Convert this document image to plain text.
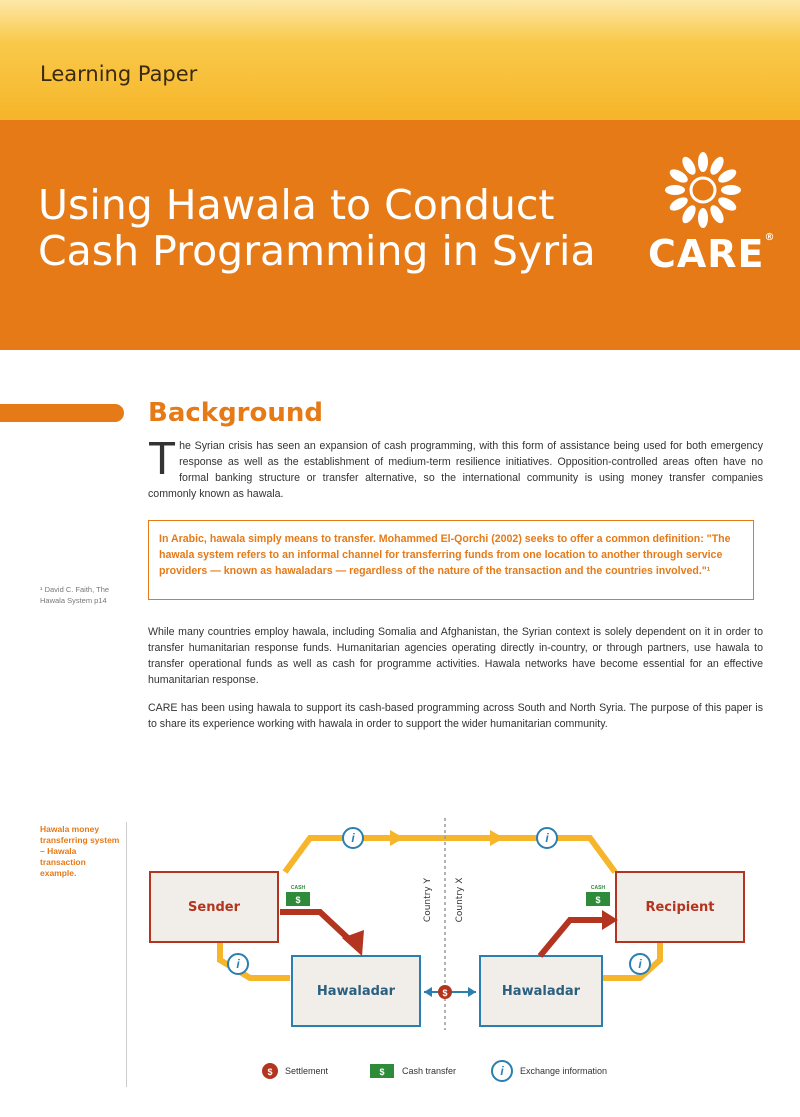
Learning Paper
Using Hawala to Conduct
Cash Programming in Syria	CARE®
Background

The Syrian crisis has seen an expansion of cash programming, with this form of assistance being used for both emergency response as well as the establishment of medium-term resilience initiatives. Opposition-controlled areas often have no formal banking structure or transfer alternative, so the international community is using money transfer companies commonly known as hawala.

In Arabic, hawala simply means to transfer. Mohammed El-Qorchi (2002) seeks to offer a common definition: "The hawala system refers to an informal channel for transferring funds from one location to another through service providers — known as hawaladars — regardless of the nature of the transaction and the countries involved."¹
¹ David C. Faith, The Hawala System p14

While many countries employ hawala, including Somalia and Afghanistan, the Syrian context is solely dependent on it in order to transfer humanitarian response funds. Humanitarian agencies operating directly in-country, or through partners, use hawala to transfer operational funds as well as cash for programme activities. Hawala networks have become essential for an effective humanitarian response.

CARE has been using hawala to support its cash-based programming across South and North Syria. The purpose of this paper is to share its experience working with hawala in order to support the wider humanitarian community.

Hawala money transferring system – Hawala transaction example.
Country Y Country X
Sender	Recipient
Hawaladar	Hawaladar
CASH
$
CASH
$
i	i
i	i
$
$ Settlement	$ Cash transfer	i Exchange information
